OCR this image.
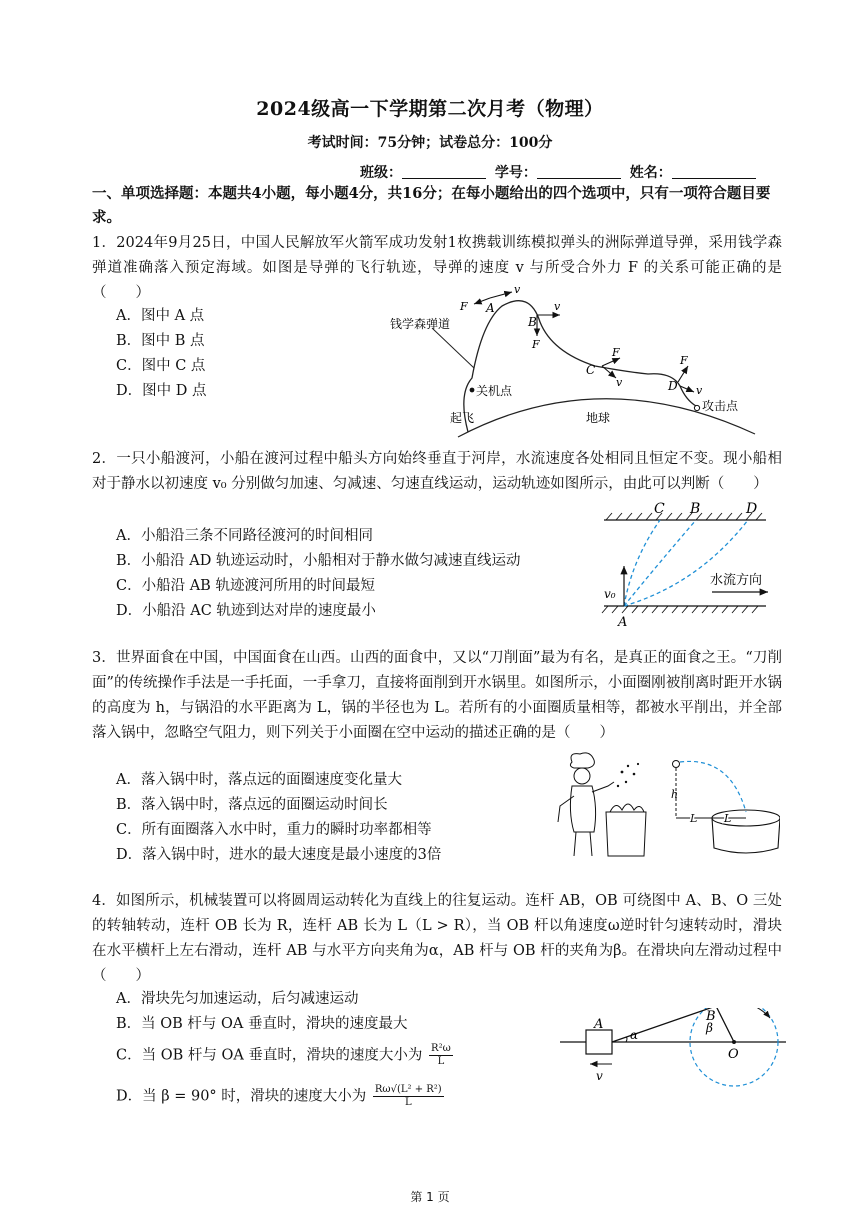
2024级高一下学期第二次月考（物理）
考试时间：75分钟；试卷总分：100分
班级：	学号：	姓名：
一、单项选择题：本题共4小题，每小题4分，共16分；在每小题给出的四个选项中，只有一项符合题目要求。
1．2024年9月25日，中国人民解放军火箭军成功发射1枚携载训练模拟弹头的洲际弹道导弹，采用钱学森弹道准确落入预定海域。如图是导弹的飞行轨迹，导弹的速度 v 与所受合外力 F 的关系可能正确的是（　　）
A．图中 A 点
B．图中 B 点
C．图中 C 点
D．图中 D 点
钱学森弹道
关机点
起飞	地球
攻击点
A
v
F
B
v
F
C
F
v	D
F
v
2．一只小船渡河，小船在渡河过程中船头方向始终垂直于河岸，水流速度各处相同且恒定不变。现小船相对于静水以初速度 v₀ 分别做匀加速、匀减速、匀速直线运动，运动轨迹如图所示，由此可以判断（　　）
A．小船沿三条不同路径渡河的时间相同
B．小船沿 AD 轨迹运动时，小船相对于静水做匀减速直线运动
C．小船沿 AB 轨迹渡河所用的时间最短
D．小船沿 AC 轨迹到达对岸的速度最小
v₀
A
C B	D
水流方向
3．世界面食在中国，中国面食在山西。山西的面食中，又以“刀削面”最为有名，是真正的面食之王。“刀削面”的传统操作手法是一手托面，一手拿刀，直接将面削到开水锅里。如图所示，小面圈刚被削离时距开水锅的高度为 h，与锅沿的水平距离为 L，锅的半径也为 L。若所有的小面圈质量相等，都被水平削出，并全部落入锅中，忽略空气阻力，则下列关于小面圈在空中运动的描述正确的是（　　）
A．落入锅中时，落点远的面圈速度变化量大
B．落入锅中时，落点远的面圈运动时间长
C．所有面圈落入水中时，重力的瞬时功率都相等
D．落入锅中时，进水的最大速度是最小速度的3倍
h
L L
4．如图所示，机械装置可以将圆周运动转化为直线上的往复运动。连杆 AB，OB 可绕图中 A、B、O 三处的转轴转动，连杆 OB 长为 R，连杆 AB 长为 L（L > R），当 OB 杆以角速度ω逆时针匀速转动时，滑块在水平横杆上左右滑动，连杆 AB 与水平方向夹角为α，AB 杆与 OB 杆的夹角为β。在滑块向左滑动过程中（　　）
A．滑块先匀加速运动，后匀减速运动
B．当 OB 杆与 OA 垂直时，滑块的速度最大
C．当 OB 杆与 OA 垂直时，滑块的速度大小为 $\frac{\text{R²ω}}{L}$
D．当 β = 90° 时，滑块的速度大小为 $\frac{\text{Rω√(L² + R²)}}{L}$
A
B
O
α	β
v
第 1 页
